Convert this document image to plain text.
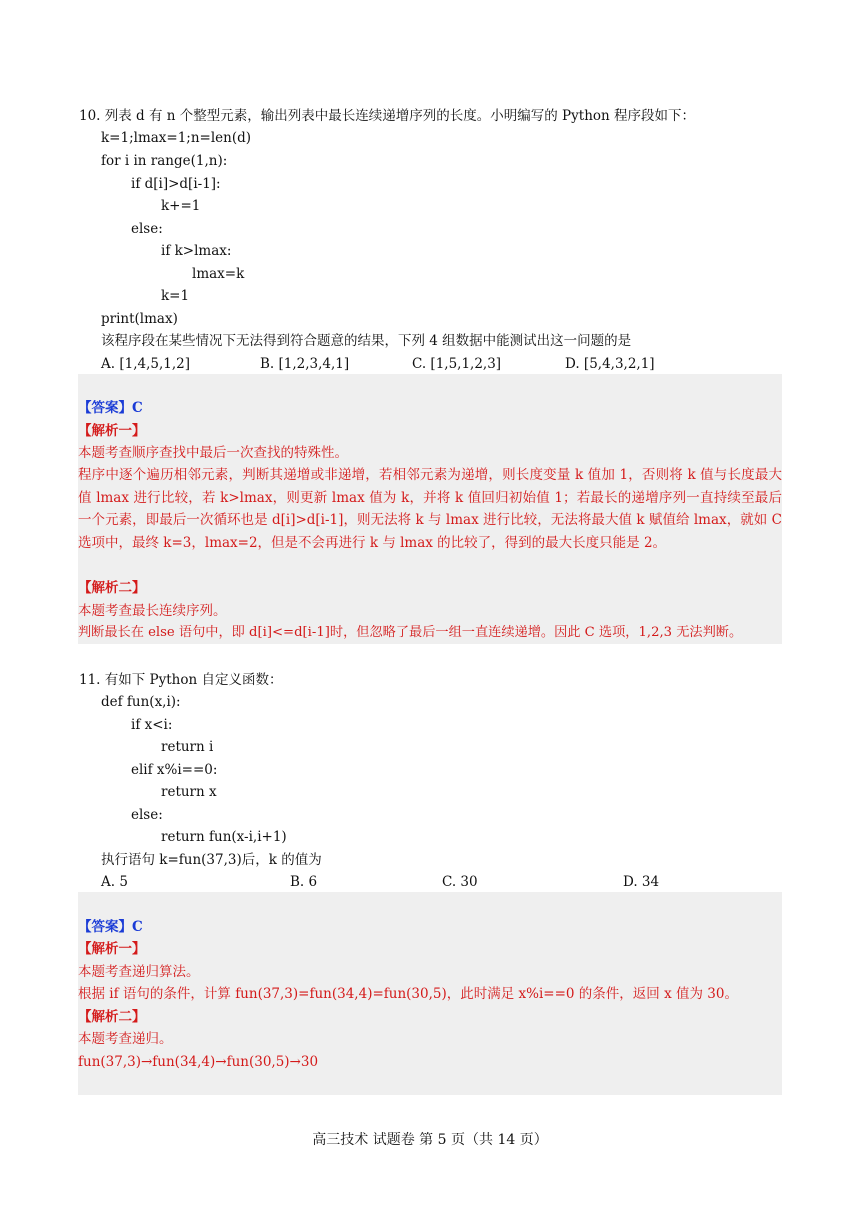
10. 列表 d 有 n 个整型元素，输出列表中最长连续递增序列的长度。小明编写的 Python 程序段如下：
k=1;lmax=1;n=len(d)
for i in range(1,n):
if d[i]>d[i-1]:
k+=1
else:
if k>lmax:
lmax=k
k=1
print(lmax)
该程序段在某些情况下无法得到符合题意的结果，下列 4 组数据中能测试出这一问题的是
A. [1,4,5,1,2]	B. [1,2,3,4,1]	C. [1,5,1,2,3]	D. [5,4,3,2,1]
【答案】C
【解析一】
本题考查顺序查找中最后一次查找的特殊性。
程序中逐个遍历相邻元素，判断其递增或非递增，若相邻元素为递增，则长度变量 k 值加 1，否则将 k 值与长度最大值 lmax 进行比较，若 k>lmax，则更新 lmax 值为 k，并将 k 值回归初始值 1；若最长的递增序列一直持续至最后一个元素，即最后一次循环也是 d[i]>d[i-1]，则无法将 k 与 lmax 进行比较，无法将最大值 k 赋值给 lmax，就如 C 选项中，最终 k=3，lmax=2，但是不会再进行 k 与 lmax 的比较了，得到的最大长度只能是 2。
【解析二】
本题考查最长连续序列。
判断最长在 else 语句中，即 d[i]<=d[i-1]时，但忽略了最后一组一直连续递增。因此 C 选项，1,2,3 无法判断。
11. 有如下 Python 自定义函数：
def fun(x,i):
if x<i:
return i
elif x%i==0:
return x
else:
return fun(x-i,i+1)
执行语句 k=fun(37,3)后，k 的值为
A. 5	B. 6	C. 30	D. 34
【答案】C
【解析一】
本题考查递归算法。
根据 if 语句的条件，计算 fun(37,3)=fun(34,4)=fun(30,5)，此时满足 x%i==0 的条件，返回 x 值为 30。
【解析二】
本题考查递归。
fun(37,3)→fun(34,4)→fun(30,5)→30
高三技术 试题卷 第 5 页（共 14 页）
